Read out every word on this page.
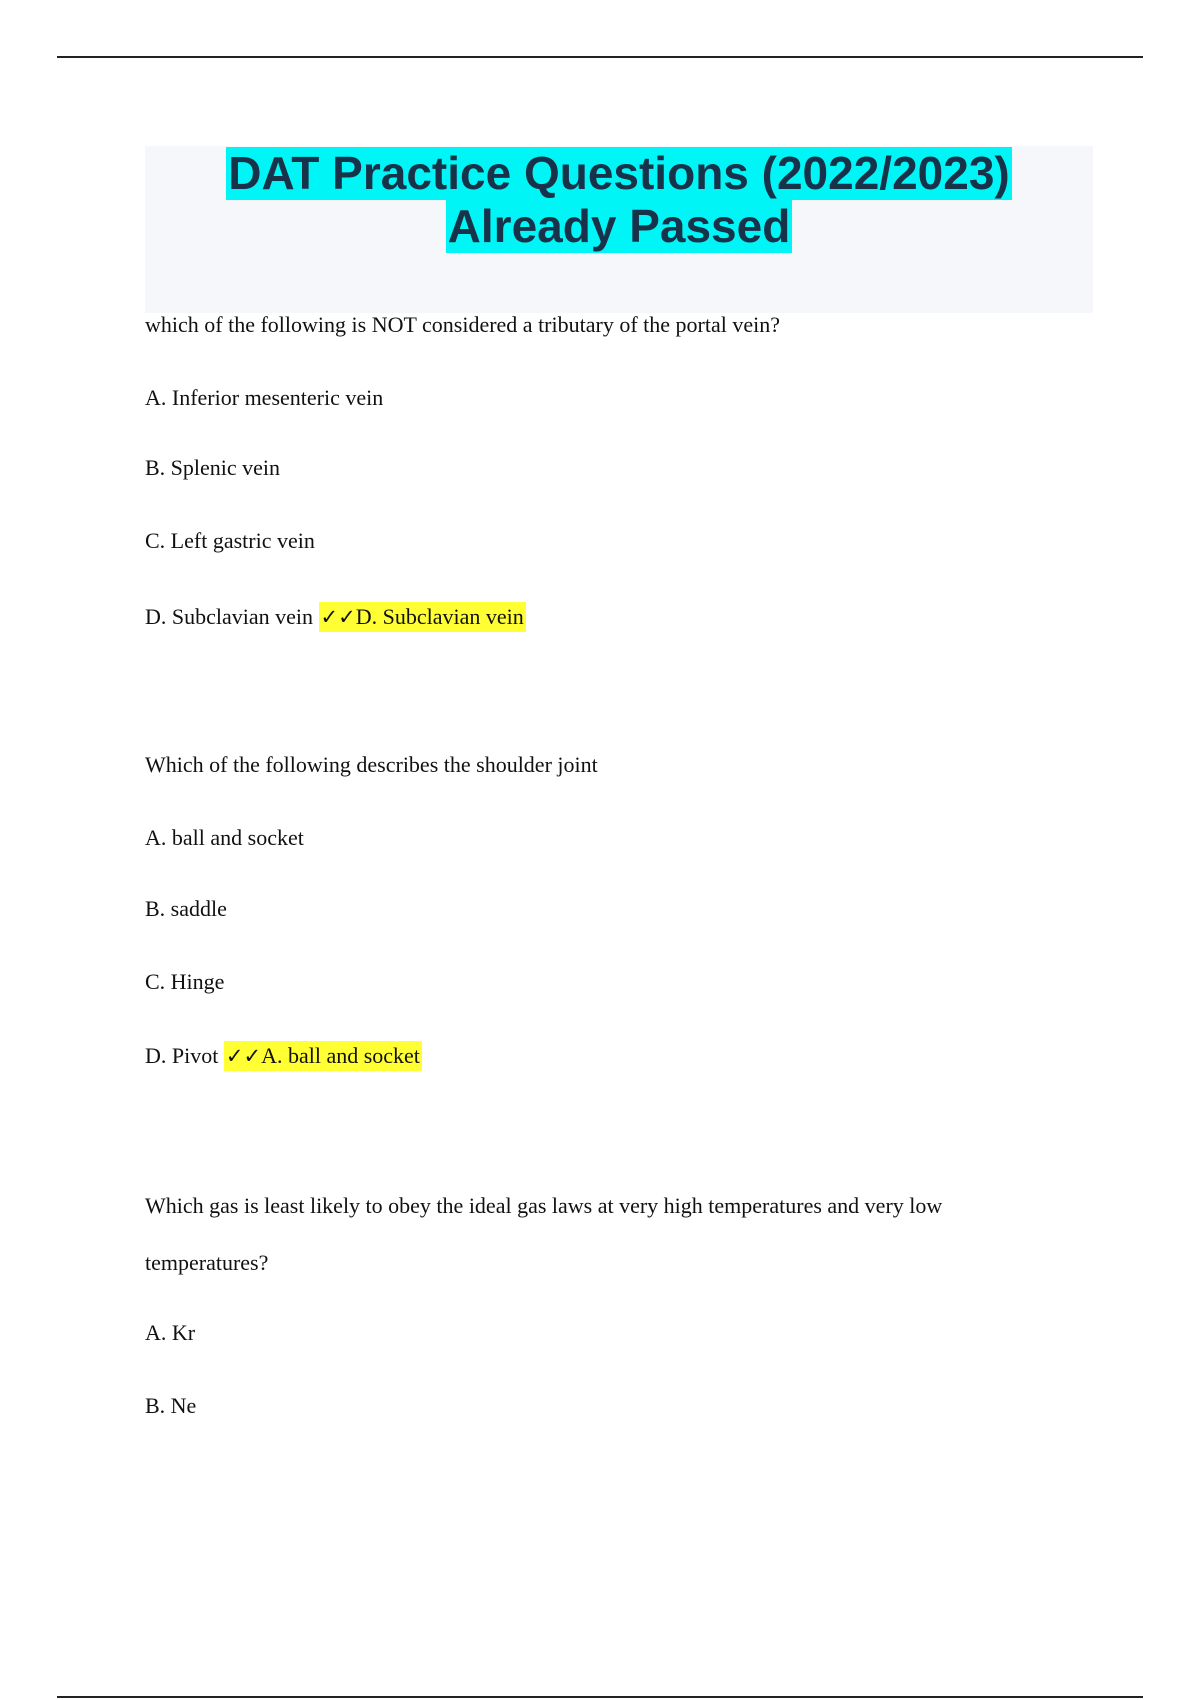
DAT Practice Questions (2022/2023)
Already Passed
which of the following is NOT considered a tributary of the portal vein?
A. Inferior mesenteric vein
B. Splenic vein
C. Left gastric vein
D. Subclavian vein ✓✓D. Subclavian vein
Which of the following describes the shoulder joint
A. ball and socket
B. saddle
C. Hinge
D. Pivot ✓✓A. ball and socket
Which gas is least likely to obey the ideal gas laws at very high temperatures and very low
temperatures?
A. Kr
B. Ne
